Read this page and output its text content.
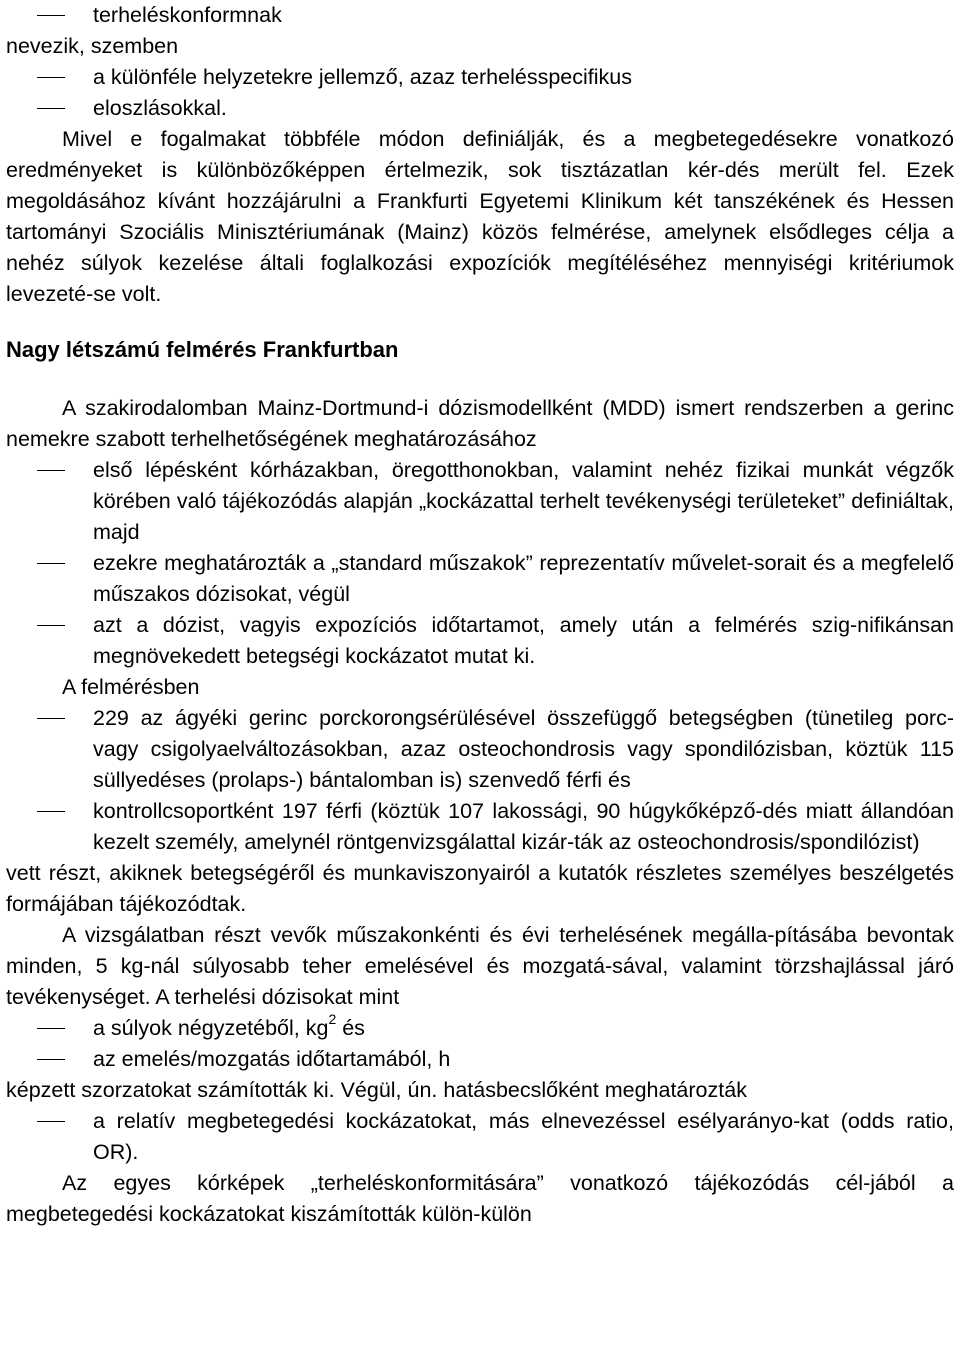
terheléskonformnak

nevezik, szemben

a különféle helyzetekre jellemző, azaz terhelésspecifikus
eloszlásokkal.

Mivel e fogalmakat többféle módon definiálják, és a megbetegedésekre vonatkozó eredményeket is különbözőképpen értelmezik, sok tisztázatlan kér-dés merült fel. Ezek megoldásához kívánt hozzájárulni a Frankfurti Egyetemi Klinikum két tanszékének és Hessen tartományi Szociális Minisztériumának (Mainz) közös felmérése, amelynek elsődleges célja a nehéz súlyok kezelése általi foglalkozási expozíciók megítéléséhez mennyiségi kritériumok levezeté-se volt.

Nagy létszámú felmérés Frankfurtban

A szakirodalomban Mainz-Dortmund-i dózismodellként (MDD) ismert rendszerben a gerinc nemekre szabott terhelhetőségének meghatározásához

első lépésként kórházakban, öregotthonokban, valamint nehéz fizikai munkát végzők körében való tájékozódás alapján „kockázattal terhelt tevékenységi területeket” definiáltak, majd
ezekre meghatározták a „standard műszakok” reprezentatív művelet-sorait és a megfelelő műszakos dózisokat, végül
azt a dózist, vagyis expozíciós időtartamot, amely után a felmérés szig-nifikánsan megnövekedett betegségi kockázatot mutat ki.

A felmérésben

229 az ágyéki gerinc porckorongsérülésével összefüggő betegségben (tünetileg porc- vagy csigolyaelváltozásokban, azaz osteochondrosis vagy spondilózisban, köztük 115 süllyedéses (prolaps-) bántalomban is) szenvedő férfi és
kontrollcsoportként 197 férfi (köztük 107 lakossági, 90 húgykőképző-dés miatt állandóan kezelt személy, amelynél röntgenvizsgálattal kizár-ták az osteochondrosis/spondilózist)

vett részt, akiknek betegségéről és munkaviszonyairól a kutatók részletes személyes beszélgetés formájában tájékozódtak.

A vizsgálatban részt vevők műszakonkénti és évi terhelésének megálla-pításába bevontak minden, 5 kg-nál súlyosabb teher emelésével és mozgatá-sával, valamint törzshajlással járó tevékenységet. A terhelési dózisokat mint

a súlyok négyzetéből, $kg^2$ és
az emelés/mozgatás időtartamából, h

képzett szorzatokat számították ki. Végül, ún. hatásbecslőként meghatározták

a relatív megbetegedési kockázatokat, más elnevezéssel esélyarányo-kat (odds ratio, OR).

Az egyes kórképek „terheléskonformitására” vonatkozó tájékozódás cél-jából a megbetegedési kockázatokat kiszámították külön-külön
